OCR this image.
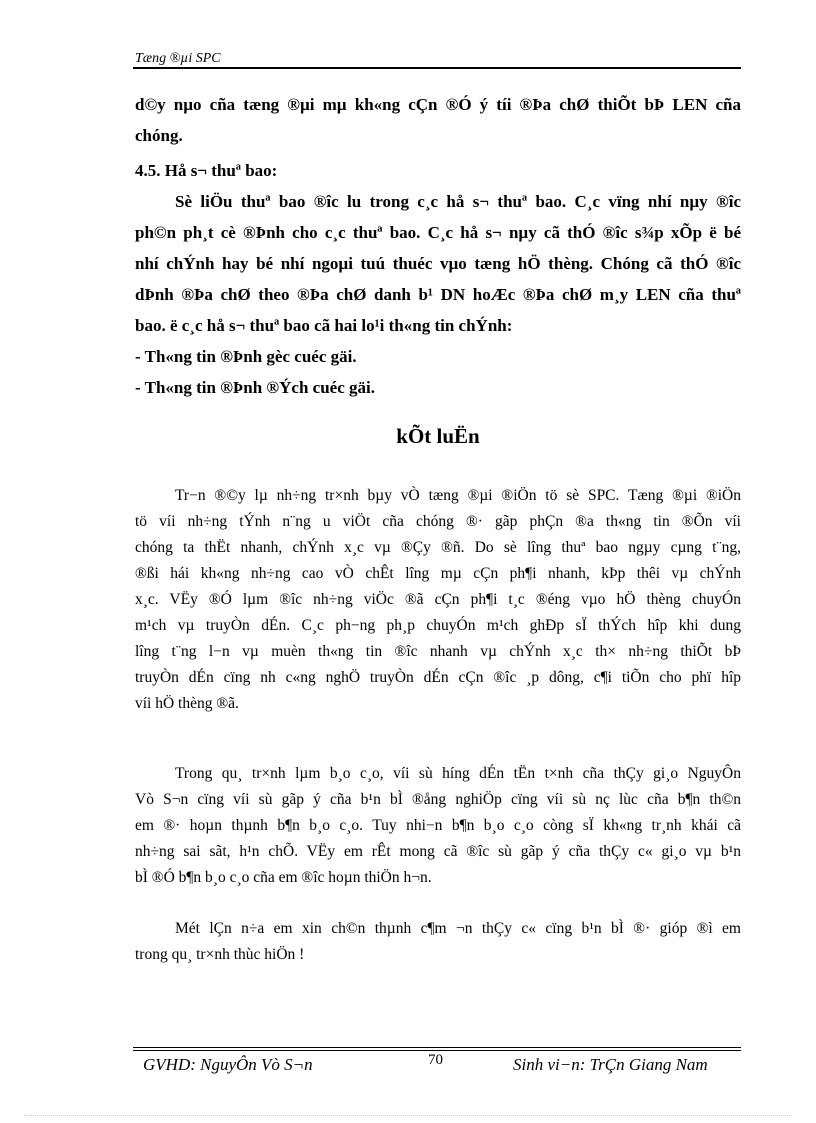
Tæng ®µi SPC
d©y nµo cña tæng ®µi mµ kh«ng cÇn ®Ó ý tíi ®Þa chØ thiÕt bÞ LEN cña
chóng.
4.5. Hå s¬ thuª bao:
Sè liÖu thuª bao ®îc lu trong c¸c hå s¬ thuª bao. C¸c vïng nhí nµy ®îc
ph©n ph¸t cè ®Þnh cho c¸c thuª bao. C¸c hå s¬ nµy cã thÓ ®îc s¾p xÕp ë bé
nhí chÝnh hay bé nhí ngoµi tuú thuéc vµo tæng hÖ thèng. Chóng cã thÓ ®îc
dÞnh ®Þa chØ theo ®Þa chØ danh b¹ DN hoÆc ®Þa chØ m¸y LEN cña thuª
bao. ë c¸c hå s¬ thuª bao cã hai lo¹i th«ng tin chÝnh:
- Th«ng tin ®Þnh gèc cuéc gäi.
- Th«ng tin ®Þnh ®Ých cuéc gäi.
kÕt luËn
Tr−n ®©y lµ nh÷ng tr×nh bµy vÒ tæng ®µi ®iÖn tö sè SPC. Tæng ®µi ®iÖn
tö víi nh÷ng tÝnh n¨ng u viÖt cña chóng ®· gãp phÇn ®a th«ng tin ®Õn víi
chóng ta thËt nhanh, chÝnh x¸c vµ ®Çy ®ñ. Do sè lîng thuª bao ngµy cµng t¨ng,
®ßi hái kh«ng nh÷ng cao vÒ chÊt lîng mµ cÇn ph¶i nhanh, kÞp thêi vµ chÝnh
x¸c. VËy ®Ó lµm ®îc nh÷ng viÖc ®ã cÇn ph¶i t¸c ®éng vµo hÖ thèng chuyÓn
m¹ch vµ truyÒn dÉn. C¸c ph−ng ph¸p chuyÓn m¹ch ghÐp sÏ thÝch hîp khi dung
lîng t¨ng l−n vµ muèn th«ng tin ®îc nhanh vµ chÝnh x¸c th× nh÷ng thiÕt bÞ
truyÒn dÉn cïng nh c«ng nghÖ truyÒn dÉn cÇn ®îc ¸p dông, c¶i tiÕn cho phï hîp
víi hÖ thèng ®ã.
Trong qu¸ tr×nh lµm b¸o c¸o, víi sù híng dÉn tËn t×nh cña thÇy gi¸o NguyÔn
Vò S¬n cïng víi sù gãp ý cña b¹n bÌ ®ång nghiÖp cïng víi sù nç lùc cña b¶n th©n
em ®· hoµn thµnh b¶n b¸o c¸o. Tuy nhi−n b¶n b¸o c¸o còng sÏ kh«ng tr¸nh khái cã
nh÷ng sai sãt, h¹n chÕ. VËy em rÊt mong cã ®îc sù gãp ý cña thÇy c« gi¸o vµ b¹n
bÌ ®Ó b¶n b¸o c¸o cña em ®îc hoµn thiÖn h¬n.
Mét lÇn n÷a em xin ch©n thµnh c¶m ¬n thÇy c« cïng b¹n bÌ ®· gióp ®ì em
trong qu¸ tr×nh thùc hiÖn !
GVHD: NguyÔn Vò S¬n	70	Sinh vi−n: TrÇn Giang Nam
